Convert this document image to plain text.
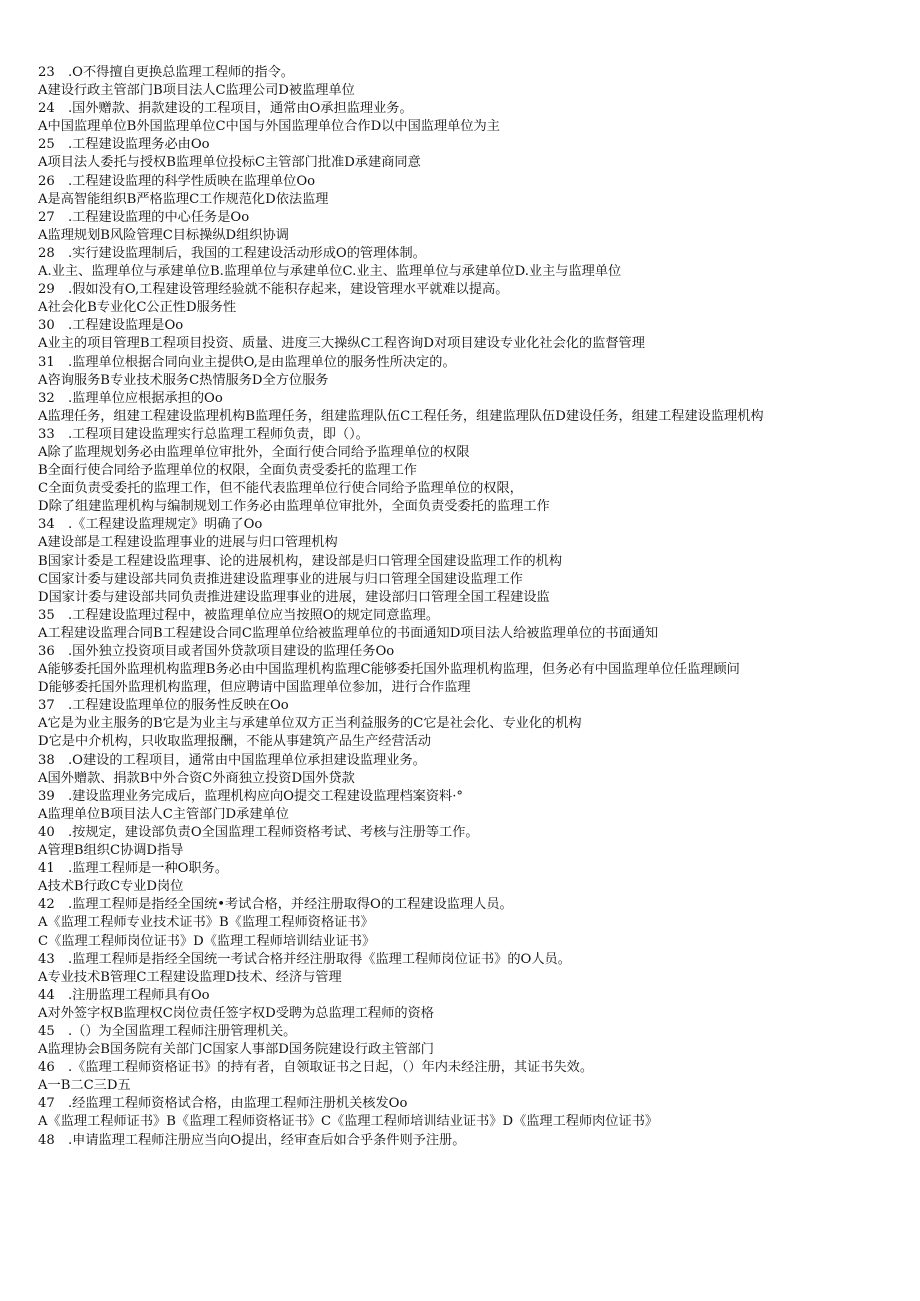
23　.O不得擅自更换总监理工程师的指令。
A建设行政主管部门B项目法人C监理公司D被监理单位
24　.国外赠款、捐款建设的工程项目，通常由O承担监理业务。
A中国监理单位B外国监理单位C中国与外国监理单位合作D以中国监理单位为主
25　.工程建设监理务必由Oo
A项目法人委托与授权B监理单位投标C主管部门批准D承建商同意
26　.工程建设监理的科学性质映在监理单位Oo
A是高智能组织B严格监理C工作规范化D依法监理
27　.工程建设监理的中心任务是Oo
A监理规划B风险管理C目标操纵D组织协调
28　.实行建设监理制后，我国的工程建设活动形成O的管理体制。
A.业主、监理单位与承建单位B.监理单位与承建单位C.业主、监理单位与承建单位D.业主与监理单位
29　.假如没有O,工程建设管理经验就不能积存起来，建设管理水平就难以提高。
A社会化B专业化C公正性D服务性
30　.工程建设监理是Oo
A业主的项目管理B工程项目投资、质量、进度三大操纵C工程咨询D对项目建设专业化社会化的监督管理
31　.监理单位根据合同向业主提供O,是由监理单位的服务性所决定的。
A咨询服务B专业技术服务C热情服务D全方位服务
32　.监理单位应根据承担的Oo
A监理任务，组建工程建设监理机构B监理任务，组建监理队伍C工程任务，组建监理队伍D建设任务，组建工程建设监理机构
33　.工程项目建设监理实行总监理工程师负责，即（）。
A除了监理规划务必由监理单位审批外，全面行使合同给予监理单位的权限
B全面行使合同给予监理单位的权限，全面负责受委托的监理工作
C全面负责受委托的监理工作，但不能代表监理单位行使合同给予监理单位的权限，
D除了组建监理机构与编制规划工作务必由监理单位审批外，全面负责受委托的监理工作
34　.《工程建设监理规定》明确了Oo
A建设部是工程建设监理事业的进展与归口管理机构
B国家计委是工程建设监理事、论的进展机构，建设部是归口管理全国建设监理工作的机构
C国家计委与建设部共同负责推进建设监理事业的进展与归口管理全国建设监理工作
D国家计委与建设部共同负责推进建设监理事业的进展，建设部归口管理全国工程建设监
35　.工程建设监理过程中，被监理单位应当按照O的规定同意监理。
A工程建设监理合同B工程建设合同C监理单位给被监理单位的书面通知D项目法人给被监理单位的书面通知
36　.国外独立投资项目或者国外贷款项目建设的监理任务Oo
A能够委托国外监理机构监理B务必由中国监理机构监理C能够委托国外监理机构监理，但务必有中国监理单位任监理顾问
D能够委托国外监理机构监理，但应聘请中国监理单位参加，进行合作监理
37　.工程建设监理单位的服务性反映在Oo
A它是为业主服务的B它是为业主与承建单位双方正当利益服务的C它是社会化、专业化的机构
D它是中介机构，只收取监理报酬，不能从事建筑产品生产经营活动
38　.O建设的工程项目，通常由中国监理单位承担建设监理业务。
A国外赠款、捐款B中外合资C外商独立投资D国外贷款
39　.建设监理业务完成后，监理机构应向O提交工程建设监理档案资料·°
A监理单位B项目法人C主管部门D承建单位
40　.按规定，建设部负责O全国监理工程师资格考试、考核与注册等工作。
A管理B组织C协调D指导
41　.监理工程师是一种O职务。
A技术B行政C专业D岗位
42　.监理工程师是指经全国统•考试合格，并经注册取得O的工程建设监理人员。
A《监理工程师专业技术证书》B《监理工程师资格证书》
C《监理工程师岗位证书》D《监理工程师培训结业证书》
43　.监理工程师是指经全国统一考试合格并经注册取得《监理工程师岗位证书》的O人员。
A专业技术B管理C工程建设监理D技术、经济与管理
44　.注册监理工程师具有Oo
A对外签字权B监理权C岗位责任签字权D受聘为总监理工程师的资格
45　.（）为全国监理工程师注册管理机关。
A监理协会B国务院有关部门C国家人事部D国务院建设行政主管部门
46　.《监理工程师资格证书》的持有者，自领取证书之日起，（）年内未经注册，其证书失效。
A一B二C三D五
47　.经监理工程师资格试合格，由监理工程师注册机关核发Oo
A《监理工程师证书》B《监理工程师资格证书》C《监理工程师培训结业证书》D《监理工程师肉位证书》
48　.申请监理工程师注册应当向O提出，经审查后如合乎条件则予注册。
